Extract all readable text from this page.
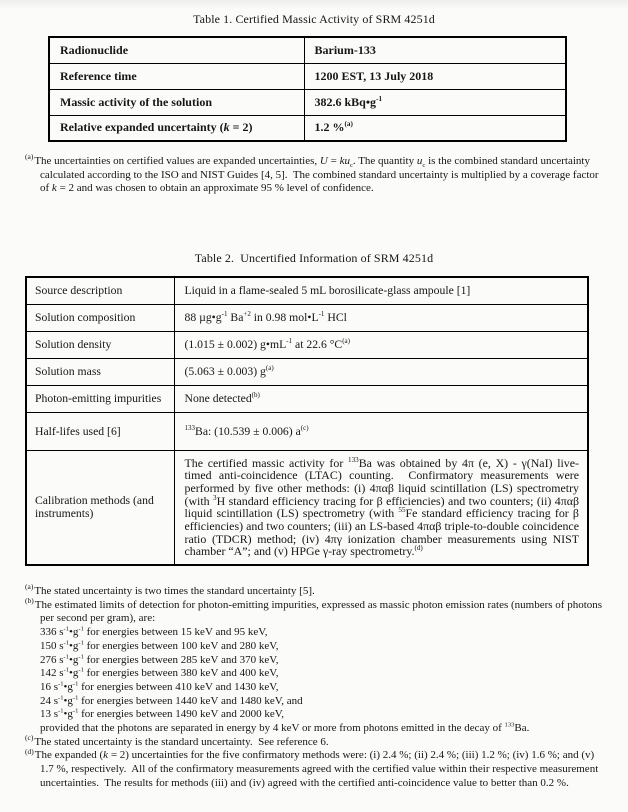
Table 1. Certified Massic Activity of SRM 4251d
Radionuclide	Barium-133
Reference time	1200 EST, 13 July 2018
Massic activity of the solution	382.6 $kBq•g^{-1}$
Relative expanded uncertainty (k = 2)	1.2 %$^{(a)}$
$^{(a)}$The uncertainties on certified values are expanded uncertainties, $U = ku_c$. The quantity $u_c$ is the combined standard uncertainty calculated according to the ISO and NIST Guides [4, 5].  The combined standard uncertainty is multiplied by a coverage factor of k = 2 and was chosen to obtain an approximate 95 % level of confidence.
Table 2.  Uncertified Information of SRM 4251d
Source description	Liquid in a flame-sealed 5 mL borosilicate-glass ampoule [1]
Solution composition	88 $\mu g•g^{-1}$ $Ba^{+2}$ in 0.98 $mol•L^{-1}$ HCl
Solution density	(1.015 ± 0.002) $g•mL^{-1}$ at 22.6 $^\circ C^{(a)}$
Solution mass	(5.063 ± 0.003) $g^{(a)}$
Photon-emitting impurities	None detected$^{(b)}$
Half-lifes used [6]	$^{133}$Ba: (10.539 ± 0.006) $a^{(c)}$
Calibration methods (and instruments)	The certified massic activity for $^{133}$Ba was obtained by 4π (e, X) - γ(NaI) live-timed anti-coincidence (LTAC) counting.  Confirmatory measurements were performed by five other methods: (i) 4παβ liquid scintillation (LS) spectrometry (with $^3$H standard efficiency tracing for β efficiencies) and two counters; (ii) 4παβ liquid scintillation (LS) spectrometry (with $^{55}$Fe standard efficiency tracing for β efficiencies) and two counters; (iii) an LS-based 4παβ triple-to-double coincidence ratio (TDCR) method; (iv) 4πγ ionization chamber measurements using NIST chamber “A”; and (v) HPGe γ-ray spectrometry.$^{(d)}$
$^{(a)}$The stated uncertainty is two times the standard uncertainty [5].
$^{(b)}$The estimated limits of detection for photon-emitting impurities, expressed as massic photon emission rates (numbers of photons per second per gram), are:
336 $s^{-1}•g^{-1}$ for energies between 15 keV and 95 keV,
150 $s^{-1}•g^{-1}$ for energies between 100 keV and 280 keV,
276 $s^{-1}•g^{-1}$ for energies between 285 keV and 370 keV,
142 $s^{-1}•g^{-1}$ for energies between 380 keV and 400 keV,
16 $s^{-1}•g^{-1}$ for energies between 410 keV and 1430 keV,
24 $s^{-1}•g^{-1}$ for energies between 1440 keV and 1480 keV, and
13 $s^{-1}•g^{-1}$ for energies between 1490 keV and 2000 keV,
provided that the photons are separated in energy by 4 keV or more from photons emitted in the decay of $^{133}$Ba.
$^{(c)}$The stated uncertainty is the standard uncertainty.  See reference 6.
$^{(d)}$The expanded (k = 2) uncertainties for the five confirmatory methods were: (i) 2.4 %; (ii) 2.4 %; (iii) 1.2 %; (iv) 1.6 %; and (v) 1.7 %, respectively.  All of the confirmatory measurements agreed with the certified value within their respective measurement uncertainties.  The results for methods (iii) and (iv) agreed with the certified anti-coincidence value to better than 0.2 %.
